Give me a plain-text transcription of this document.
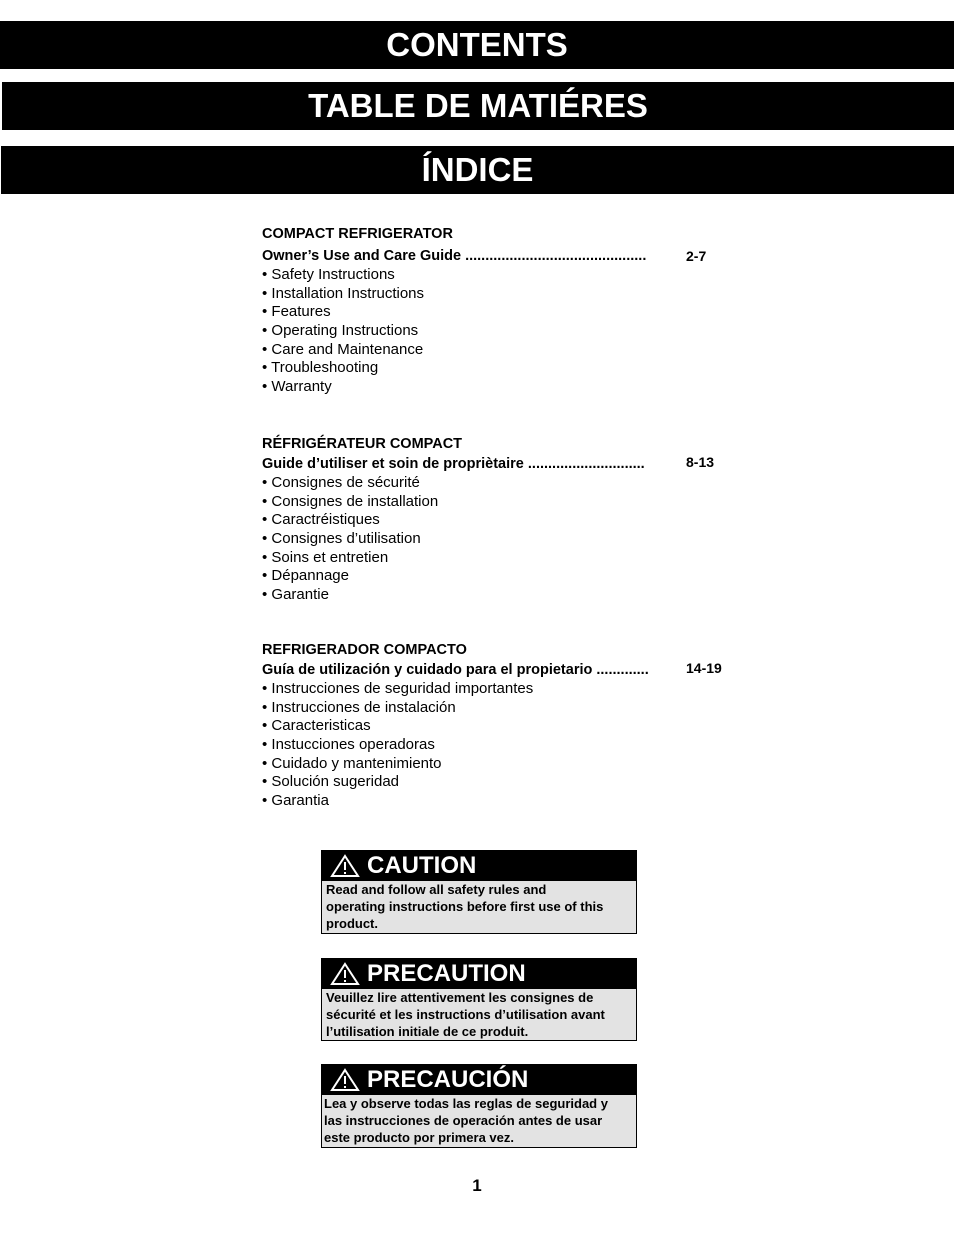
CONTENTS
TABLE DE MATIÉRES
ÍNDICE
COMPACT REFRIGERATOR
Owner’s Use and Care Guide .............................................	2-7
• Safety Instructions
• Installation Instructions
• Features
• Operating Instructions
• Care and Maintenance
• Troubleshooting
• Warranty
RÉFRIGÉRATEUR COMPACT
Guide d’utiliser et soin de propriètaire .............................	8-13
• Consignes de sécurité
• Consignes de installation
• Caractréistiques
• Consignes d’utilisation
• Soins et entretien
• Dépannage
• Garantie
REFRIGERADOR COMPACTO
Guía de utilización y cuidado para el propietario .............	14-19
• Instrucciones de seguridad importantes
• Instrucciones de instalación
• Caracteristicas
• Instucciones operadoras
• Cuidado y mantenimiento
• Solución sugeridad
• Garantia
CAUTION
Read and follow all safety rules and
operating instructions before first use of this
product.
PRECAUTION
Veuillez lire attentivement les consignes de
sécurité et les instructions d’utilisation avant
l’utilisation initiale de ce produit.
PRECAUCIÓN
Lea y observe todas las reglas de seguridad y
las instrucciones de operación antes de usar
este producto por primera vez.
1
